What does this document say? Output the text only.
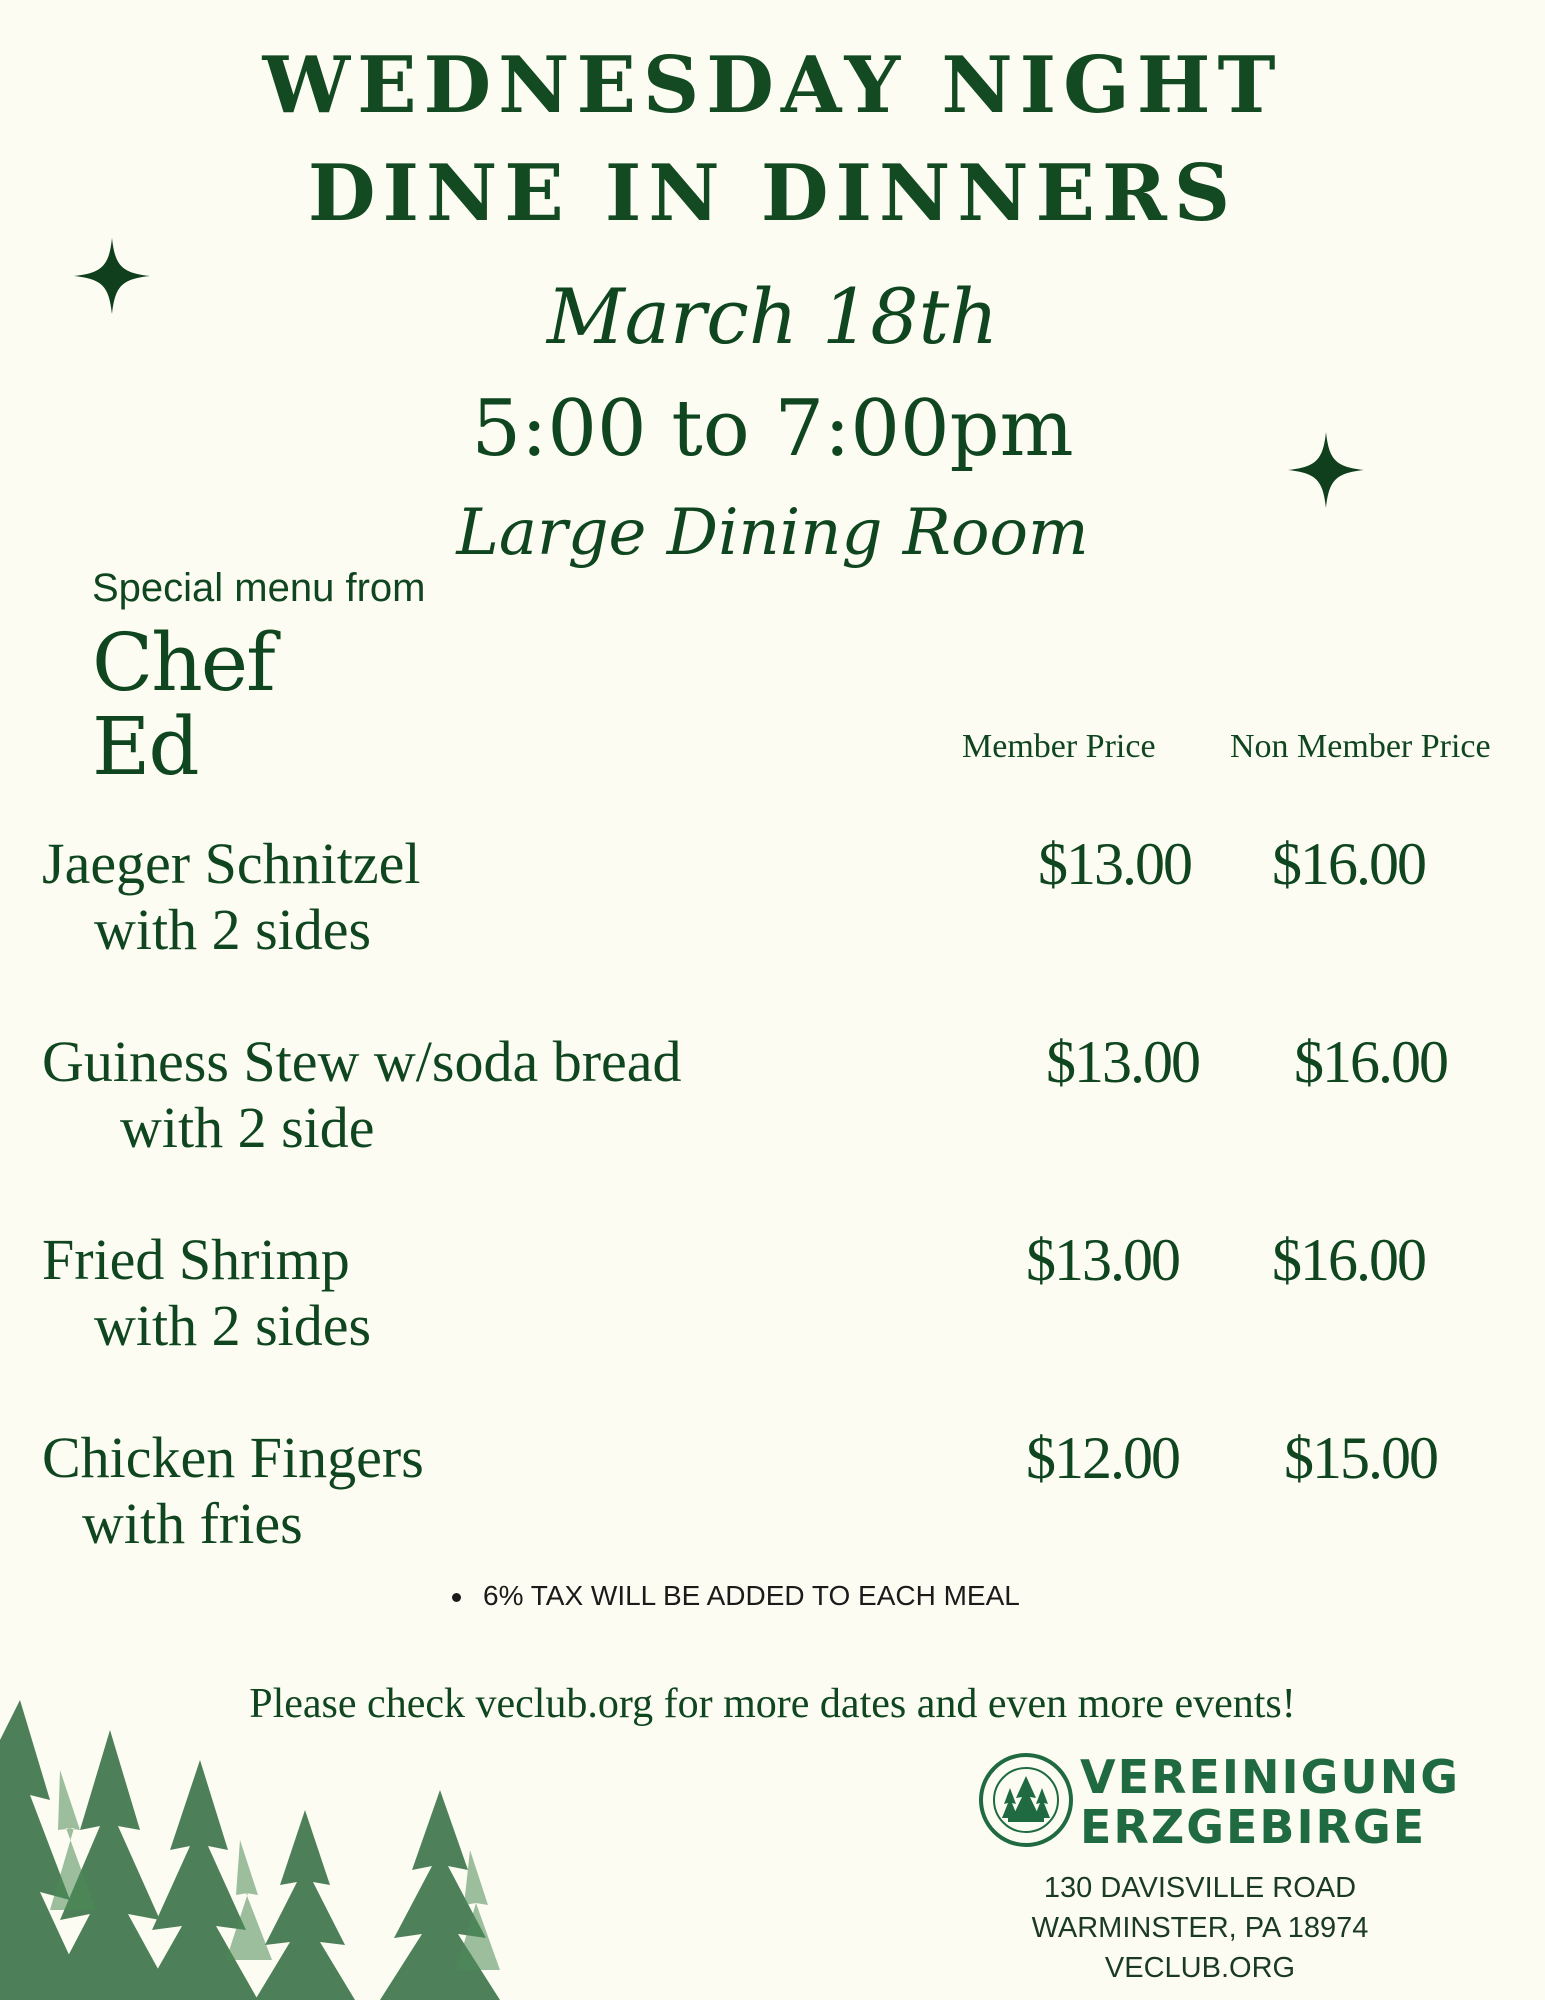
WEDNESDAY NIGHT
DINE IN DINNERS
March 18th
5:00 to 7:00pm
Large Dining Room
Special menu from
Chef
Ed	Member Price Non Member Price
Jaeger Schnitzel
with 2 sides
$13.00 $16.00
Guiness Stew w/soda bread
with 2 side
$13.00 $16.00
Fried Shrimp
with 2 sides
$13.00 $16.00
Chicken Fingers
with fries
$12.00 $15.00
6% TAX WILL BE ADDED TO EACH MEAL
Please check veclub.org for more dates and even more events!
VEREINIGUNG
ERZGEBIRGE
130 DAVISVILLE ROAD
WARMINSTER, PA 18974
VECLUB.ORG
